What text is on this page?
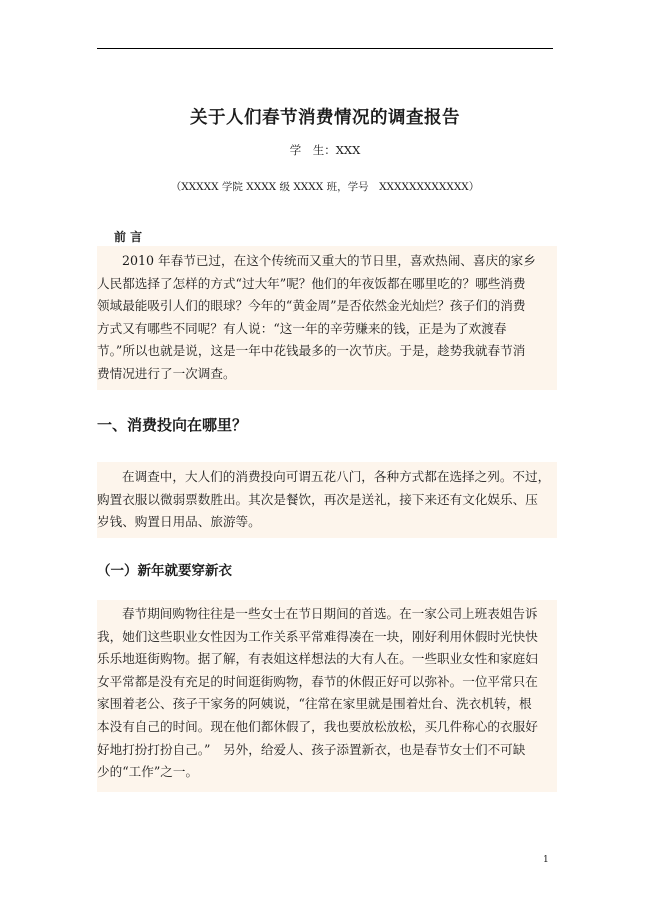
关于人们春节消费情况的调查报告
学　生：XXX
（XXXXX 学院 XXXX 级 XXXX 班，学号　XXXXXXXXXXXX）
前 言
2010 年春节已过，在这个传统而又重大的节日里，喜欢热闹、喜庆的家乡
人民都选择了怎样的方式“过大年”呢？他们的年夜饭都在哪里吃的？哪些消费
领域最能吸引人们的眼球？今年的“黄金周”是否依然金光灿烂？孩子们的消费
方式又有哪些不同呢？有人说：“这一年的辛劳赚来的钱，正是为了欢渡春
节。”所以也就是说，这是一年中花钱最多的一次节庆。于是，趁势我就春节消
费情况进行了一次调查。
一、消费投向在哪里？
在调查中，大人们的消费投向可谓五花八门，各种方式都在选择之列。不过，
购置衣服以微弱票数胜出。其次是餐饮，再次是送礼，接下来还有文化娱乐、压
岁钱、购置日用品、旅游等。
（一）新年就要穿新衣
春节期间购物往往是一些女士在节日期间的首选。在一家公司上班表姐告诉
我，她们这些职业女性因为工作关系平常难得凑在一块，刚好利用休假时光快快
乐乐地逛街购物。据了解，有表姐这样想法的大有人在。一些职业女性和家庭妇
女平常都是没有充足的时间逛街购物，春节的休假正好可以弥补。一位平常只在
家围着老公、孩子干家务的阿姨说，“往常在家里就是围着灶台、洗衣机转，根
本没有自己的时间。现在他们都休假了，我也要放松放松，买几件称心的衣服好
好地打扮打扮自己。”　另外，给爱人、孩子添置新衣，也是春节女士们不可缺
少的“工作”之一。
1
